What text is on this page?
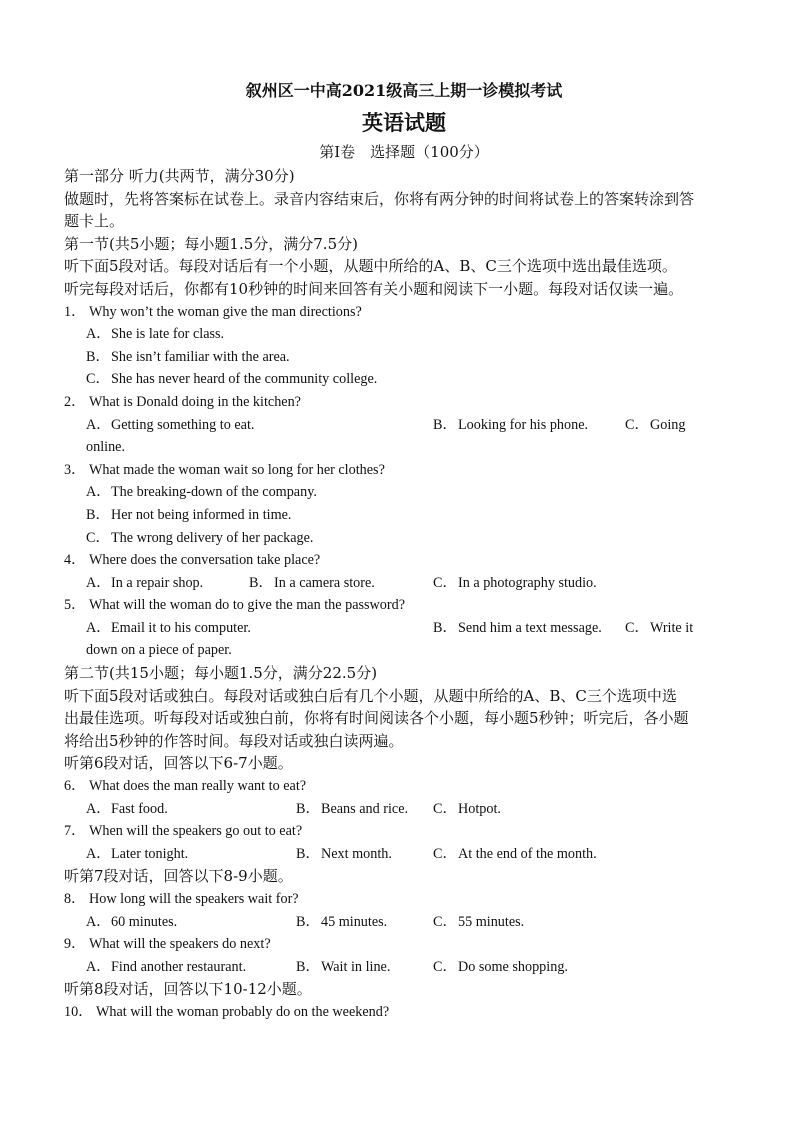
叙州区一中高2021级高三上期一诊模拟考试

英语试题

第Ⅰ卷　选择题（100分）

第一部分 听力(共两节，满分30分)

做题时，先将答案标在试卷上。录音内容结束后，你将有两分钟的时间将试卷上的答案转涂到答

题卡上。

第一节(共5小题；每小题1.5分，满分7.5分)

听下面5段对话。每段对话后有一个小题，从题中所给的A、B、C三个选项中选出最佳选项。

听完每段对话后，你都有10秒钟的时间来回答有关小题和阅读下一小题。每段对话仅读一遍。

1． Why won’t the woman give the man directions?

A． She is late for class.
B． She isn’t familiar with the area.
C． She has never heard of the community college.

2． What is Donald doing in the kitchen?

A．Getting something to eat.	B．Looking for his phone.	C．Going
online.

3． What made the woman wait so long for her clothes?

A． The breaking-down of the company.
B． Her not being informed in time.
C． The wrong delivery of her package.

4． Where does the conversation take place?

A．In a repair shop.	B．In a camera store.	C．In a photography studio.

5． What will the woman do to give the man the password?

A．Email it to his computer.	B．Send him a text message.	C．Write it
down on a piece of paper.

第二节(共15小题；每小题1.5分，满分22.5分)

听下面5段对话或独白。每段对话或独白后有几个小题，从题中所给的A、B、C三个选项中选

出最佳选项。听每段对话或独白前，你将有时间阅读各个小题，每小题5秒钟；听完后，各小题

将给出5秒钟的作答时间。每段对话或独白读两遍。

听第6段对话，回答以下6-7小题。

6． What does the man really want to eat?

A．Fast food.	B．Beans and rice.	C．Hotpot.

7． When will the speakers go out to eat?

A．Later tonight.	B．Next month.	C．At the end of the month.

听第7段对话，回答以下8-9小题。

8． How long will the speakers wait for?

A．60 minutes.	B．45 minutes.	C．55 minutes.

9． What will the speakers do next?

A．Find another restaurant.	B．Wait in line.	C．Do some shopping.

听第8段对话，回答以下10-12小题。

10． What will the woman probably do on the weekend?
